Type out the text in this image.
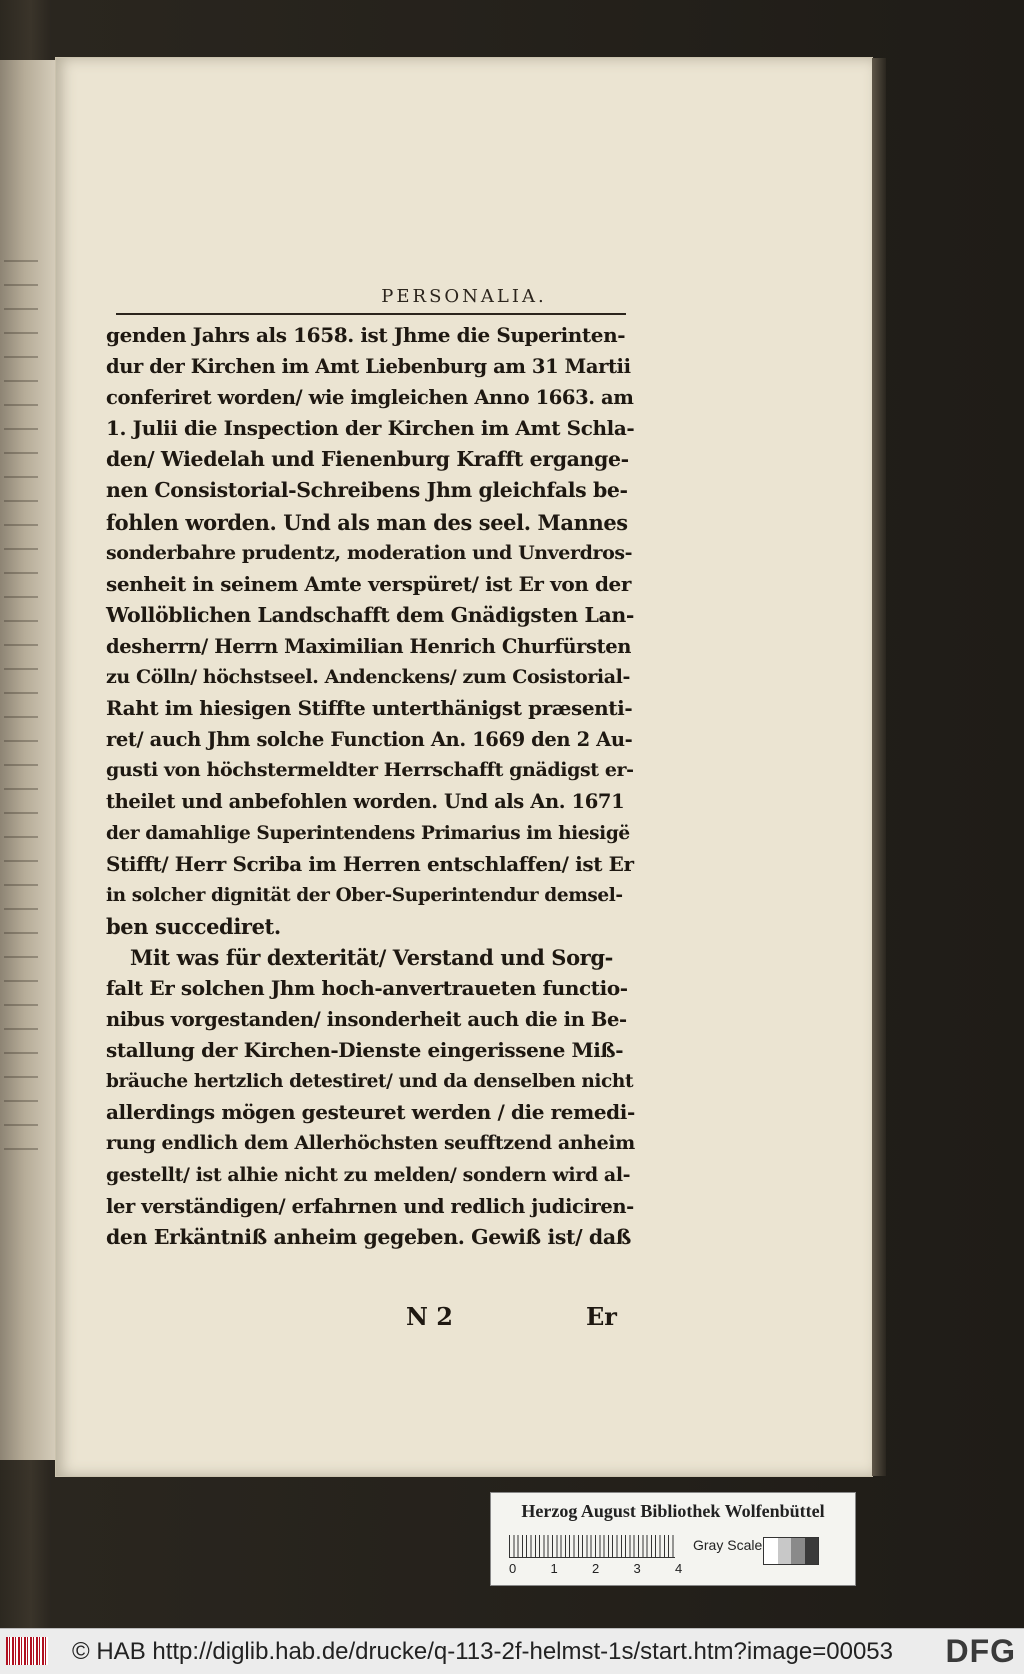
PERSONALIA.
genden Jahrs als 1658. ist Jhme die Superinten-
dur der Kirchen im Amt Liebenburg am 31 Martii
conferiret worden/ wie imgleichen Anno 1663. am
1. Julii die Inspection der Kirchen im Amt Schla-
den/ Wiedelah und Fienenburg Krafft ergange-
nen Consistorial-Schreibens Jhm gleichfals be-
fohlen worden. Und als man des seel. Mannes
sonderbahre prudentz, moderation und Unverdros-
senheit in seinem Amte verspüret/ ist Er von der
Wollöblichen Landschafft dem Gnädigsten Lan-
desherrn/ Herrn Maximilian Henrich Churfürsten
zu Cölln/ höchstseel. Andenckens/ zum Cosistorial-
Raht im hiesigen Stiffte unterthänigst præsenti-
ret/ auch Jhm solche Function An. 1669 den 2 Au-
gusti von höchstermeldter Herrschafft gnädigst er-
theilet und anbefohlen worden. Und als An. 1671
der damahlige Superintendens Primarius im hiesigë
Stifft/ Herr Scriba im Herren entschlaffen/ ist Er
in solcher dignität der Ober-Superintendur demsel-
ben succediret.
Mit was für dexterität/ Verstand und Sorg-
falt Er solchen Jhm hoch-anvertraueten functio-
nibus vorgestanden/ insonderheit auch die in Be-
stallung der Kirchen-Dienste eingerissene Miß-
bräuche hertzlich detestiret/ und da denselben nicht
allerdings mögen gesteuret werden / die remedi-
rung endlich dem Allerhöchsten seufftzend anheim
gestellt/ ist alhie nicht zu melden/ sondern wird al-
ler verständigen/ erfahrnen und redlich judiciren-
den Erkäntniß anheim gegeben. Gewiß ist/ daß
N 2	Er
Herzog August Bibliothek Wolfenbüttel
0	1	2	3	4
Gray Scale
© HAB http://diglib.hab.de/drucke/q-113-2f-helmst-1s/start.htm?image=00053 DFG
